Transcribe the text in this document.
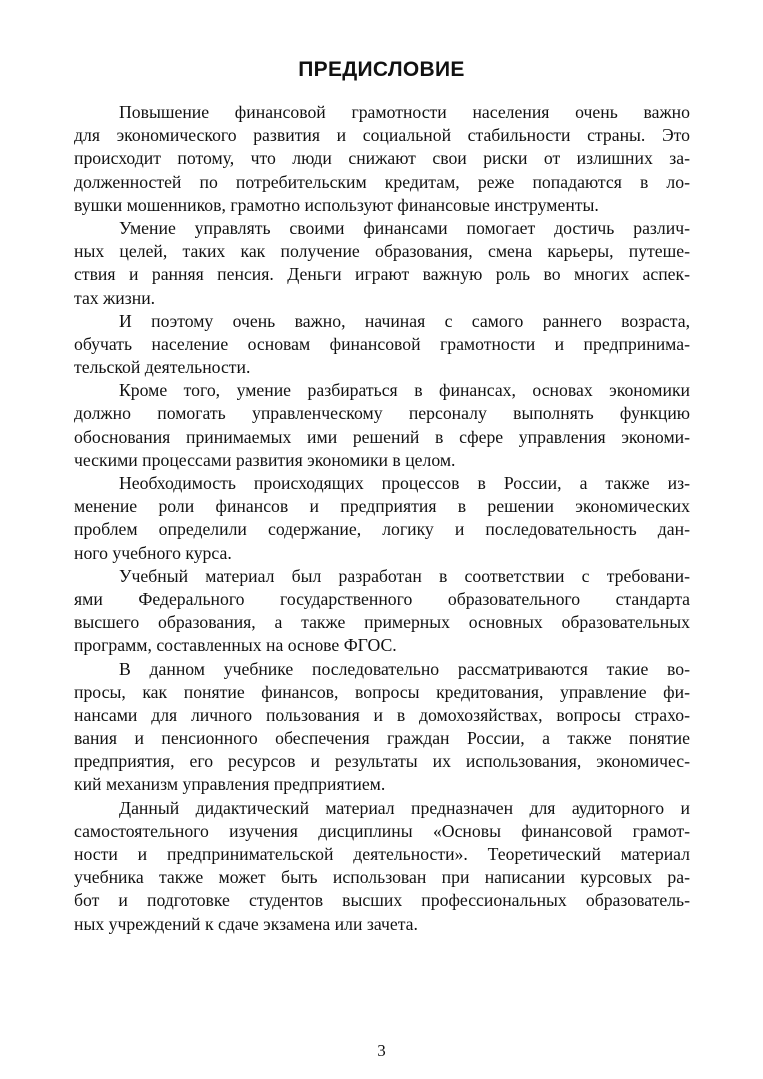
ПРЕДИСЛОВИЕ
Повышение финансовой грамотности населения очень важно
для экономического развития и социальной стабильности страны. Это
происходит потому, что люди снижают свои риски от излишних за-
долженностей по потребительским кредитам, реже попадаются в ло-
вушки мошенников, грамотно используют финансовые инструменты.
Умение управлять своими финансами помогает достичь различ-
ных целей, таких как получение образования, смена карьеры, путеше-
ствия и ранняя пенсия. Деньги играют важную роль во многих аспек-
тах жизни.
И поэтому очень важно, начиная с самого раннего возраста,
обучать население основам финансовой грамотности и предпринима-
тельской деятельности.
Кроме того, умение разбираться в финансах, основах экономики
должно помогать управленческому персоналу выполнять функцию
обоснования принимаемых ими решений в сфере управления экономи-
ческими процессами развития экономики в целом.
Необходимость происходящих процессов в России, а также из-
менение роли финансов и предприятия в решении экономических
проблем определили содержание, логику и последовательность дан-
ного учебного курса.
Учебный материал был разработан в соответствии с требовани-
ями Федерального государственного образовательного стандарта
высшего образования, а также примерных основных образовательных
программ, составленных на основе ФГОС.
В данном учебнике последовательно рассматриваются такие во-
просы, как понятие финансов, вопросы кредитования, управление фи-
нансами для личного пользования и в домохозяйствах, вопросы страхо-
вания и пенсионного обеспечения граждан России, а также понятие
предприятия, его ресурсов и результаты их использования, экономичес-
кий механизм управления предприятием.
Данный дидактический материал предназначен для аудиторного и
самостоятельного изучения дисциплины «Основы финансовой грамот-
ности и предпринимательской деятельности». Теоретический материал
учебника также может быть использован при написании курсовых ра-
бот и подготовке студентов высших профессиональных образователь-
ных учреждений к сдаче экзамена или зачета.
3
